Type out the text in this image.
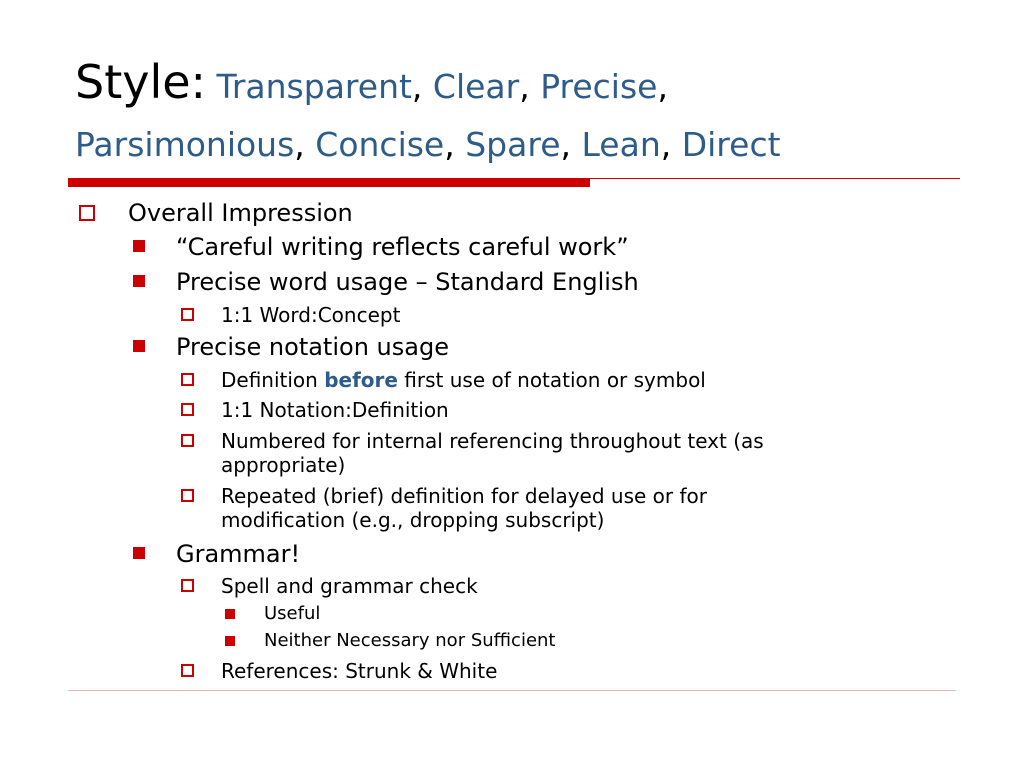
Style: Transparent, Clear, Precise,
Parsimonious, Concise, Spare, Lean, Direct
Overall Impression
“Careful writing reflects careful work”
Precise word usage – Standard English
1:1 Word:Concept
Precise notation usage
Definition before first use of notation or symbol
1:1 Notation:Definition
Numbered for internal referencing throughout text (as
appropriate)
Repeated (brief) definition for delayed use or for
modification (e.g., dropping subscript)
Grammar!
Spell and grammar check
Useful
Neither Necessary nor Sufficient
References: Strunk & White
